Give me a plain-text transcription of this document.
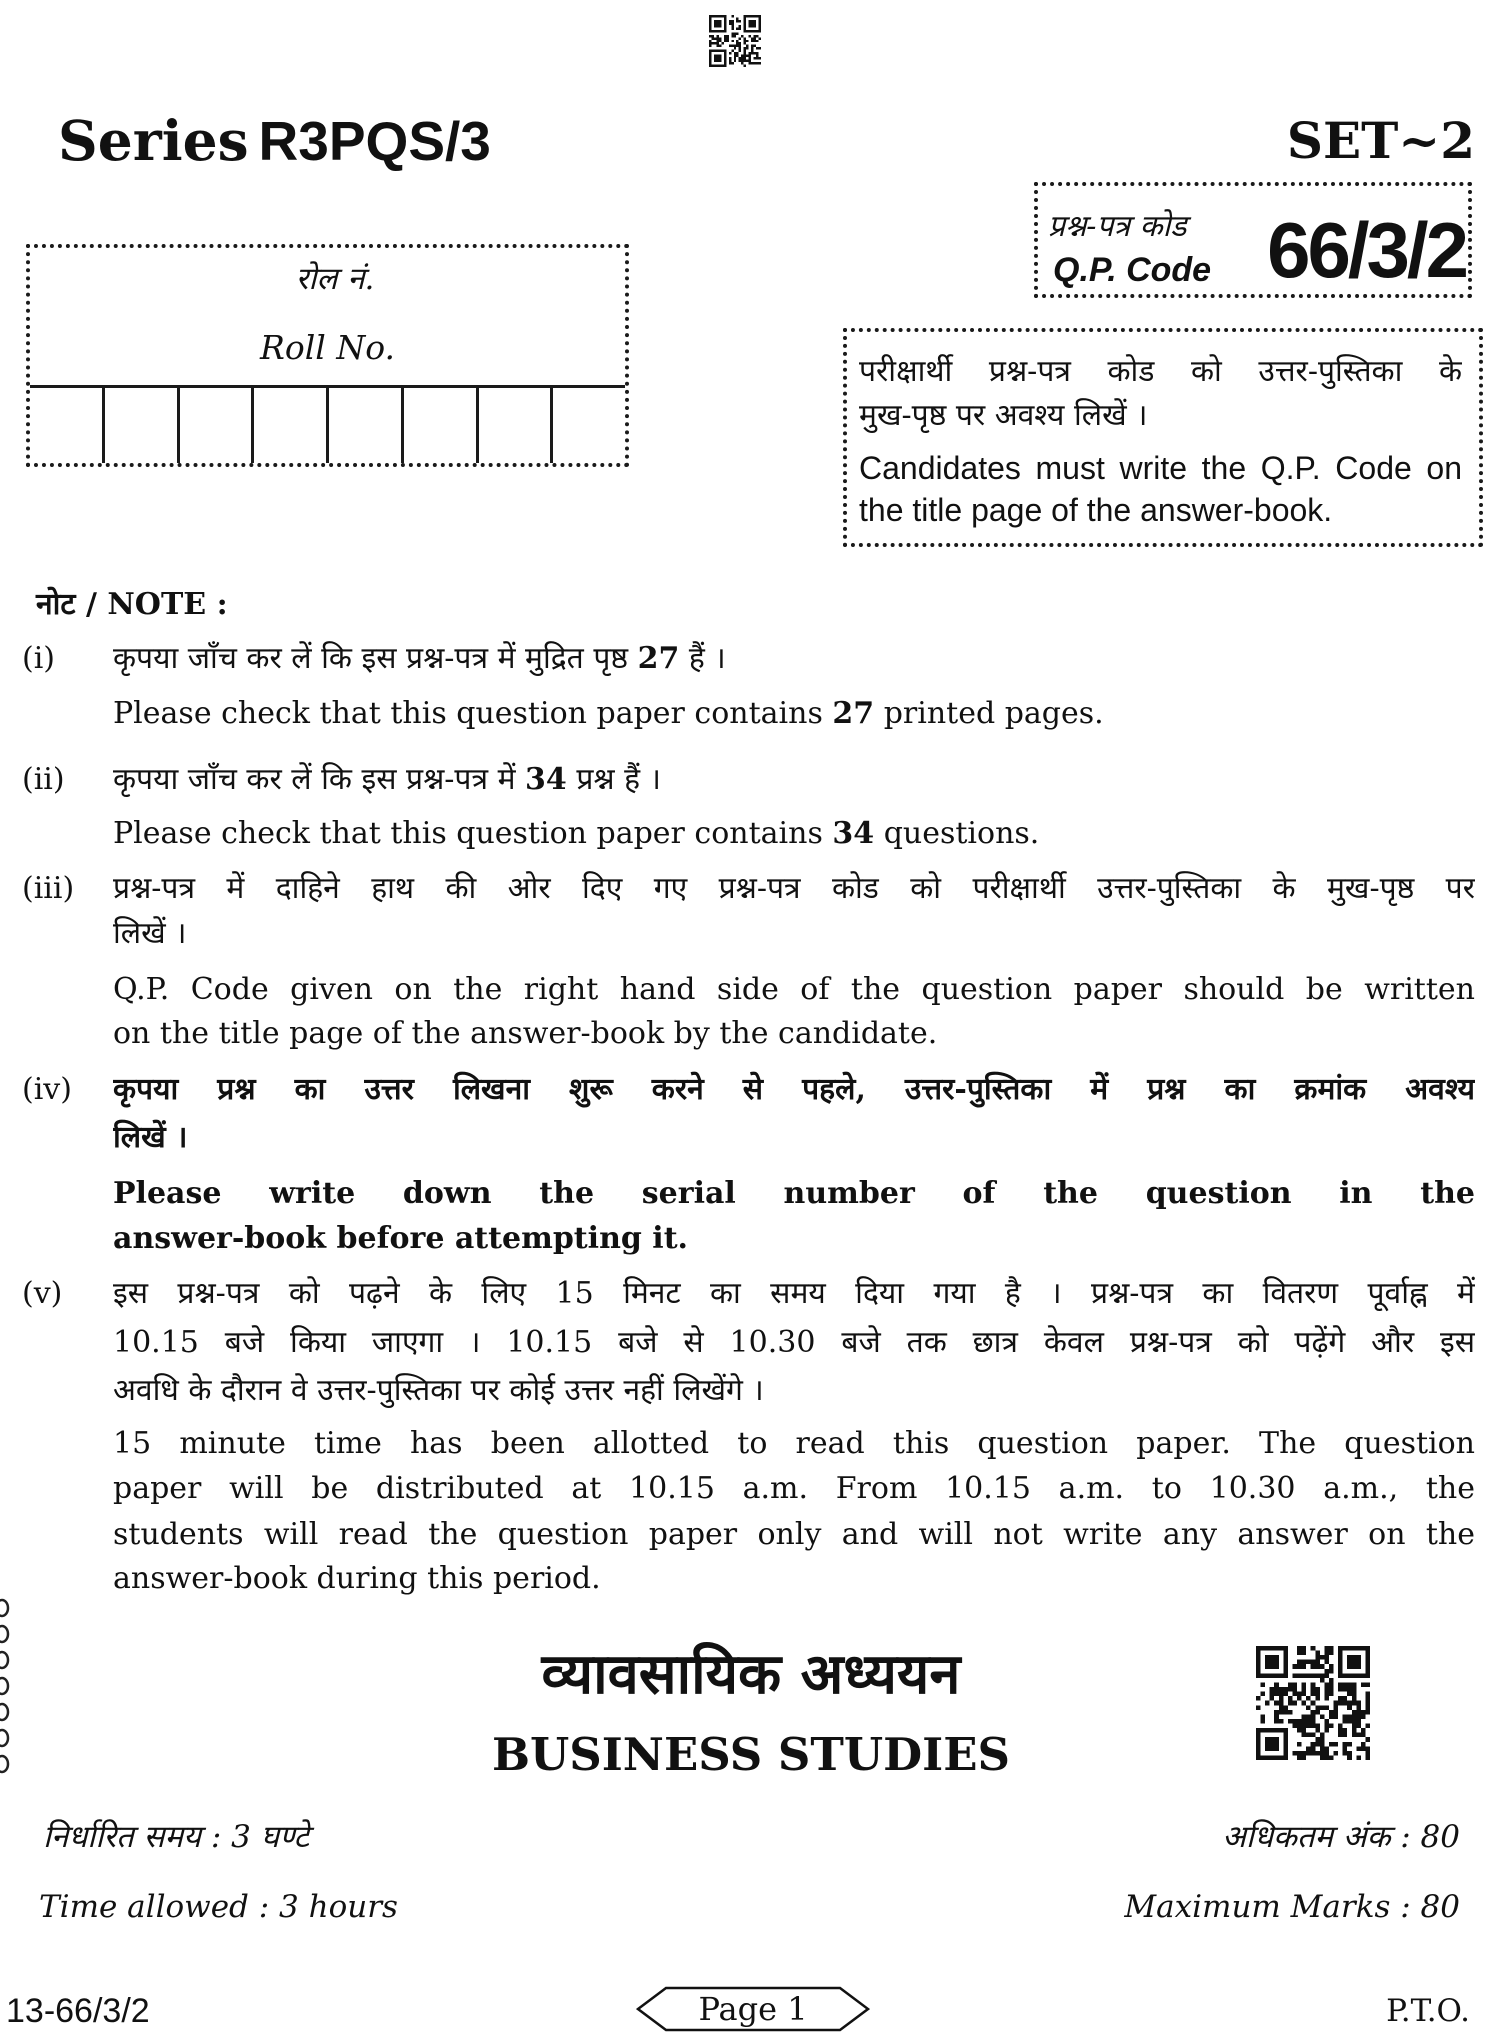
Series R3PQS/3	SET~2
प्रश्न-पत्र कोड
Q.P. Code 66/3/2
रोल नं.
Roll No.
परीक्षार्थी प्रश्न-पत्र कोड को उत्तर-पुस्तिका के
मुख-पृष्ठ पर अवश्य लिखें ।
Candidates must write the Q.P. Code on
the title page of the answer-book.
नोट / NOTE :
(i) कृपया जाँच कर लें कि इस प्रश्न-पत्र में मुद्रित पृष्ठ 27 हैं ।
Please check that this question paper contains 27 printed pages.
(ii) कृपया जाँच कर लें कि इस प्रश्न-पत्र में 34 प्रश्न हैं ।
Please check that this question paper contains 34 questions.
(iii) प्रश्न-पत्र में दाहिने हाथ की ओर दिए गए प्रश्न-पत्र कोड को परीक्षार्थी उत्तर-पुस्तिका के मुख-पृष्ठ पर
लिखें ।
Q.P. Code given on the right hand side of the question paper should be written
on the title page of the answer-book by the candidate.
(iv) कृपया प्रश्न का उत्तर लिखना शुरू करने से पहले, उत्तर-पुस्तिका में प्रश्न का क्रमांक अवश्य
लिखें ।
Please write down the serial number of the question in the
answer-book before attempting it.
(v) इस प्रश्न-पत्र को पढ़ने के लिए 15 मिनट का समय दिया गया है । प्रश्न-पत्र का वितरण पूर्वाह्न में
10.15 बजे किया जाएगा । 10.15 बजे से 10.30 बजे तक छात्र केवल प्रश्न-पत्र को पढ़ेंगे और इस
अवधि के दौरान वे उत्तर-पुस्तिका पर कोई उत्तर नहीं लिखेंगे ।
15 minute time has been allotted to read this question paper. The question
paper will be distributed at 10.15 a.m. From 10.15 a.m. to 10.30 a.m., the
students will read the question paper only and will not write any answer on the
answer-book during this period.
व्यावसायिक अध्ययन
BUSINESS STUDIES
निर्धारित समय : 3 घण्टे
Time allowed : 3 hours
अधिकतम अंक : 80
Maximum Marks : 80
13-66/3/2	Page 1	P.T.O.
